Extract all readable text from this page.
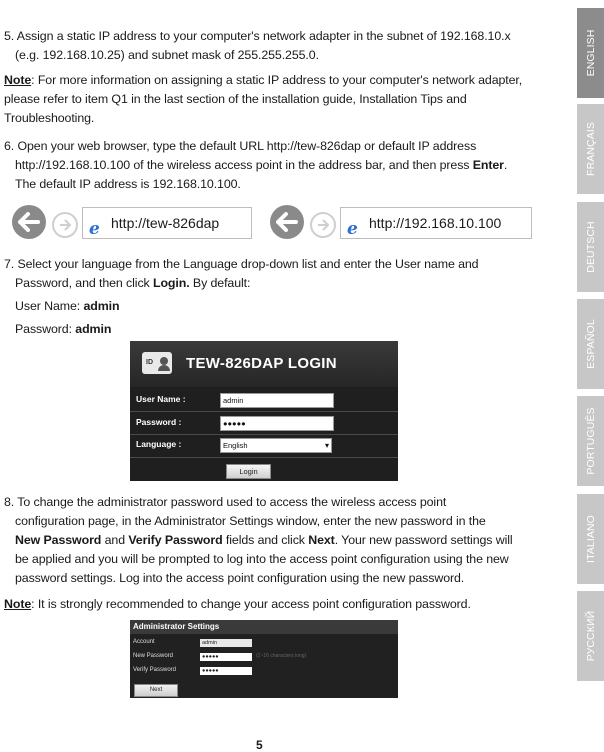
5. Assign a static IP address to your computer's network adapter in the subnet of 192.168.10.x
(e.g. 192.168.10.25) and subnet mask of 255.255.255.0.
Note: For more information on assigning a static IP address to your computer's network adapter, please refer to item Q1 in the last section of the installation guide, Installation Tips and Troubleshooting.
6. Open your web browser, type the default URL http://tew-826dap or default IP address
http://192.168.10.100 of the wireless access point in the address bar, and then press Enter.
The default IP address is 192.168.10.100.
e http://tew-826dap	e http://192.168.10.100
7. Select your language from the Language drop-down list and enter the User name and
Password, and then click Login. By default:
User Name: admin
Password: admin
ID TEW-826DAP LOGIN
User Name :	admin
Password :	●●●●●
Language :	English	▾
Login
8. To change the administrator password used to access the wireless access point
configuration page, in the Administrator Settings window, enter the new password in the
New Password and Verify Password fields and click Next. Your new password settings will
be applied and you will be prompted to log into the access point configuration using the new
password settings. Log into the access point configuration using the new password.
Note: It is strongly recommended to change your access point configuration password.
Administrator Settings
Account	admin
New Password	●●●●●	(1~16 characters long)
Verify Password	●●●●●
Next
5
ENGLISH
FRANÇAIS
DEUTSCH
ESPAÑOL
PORTUGUÊS
ITALIANO
РУССКИЙ
